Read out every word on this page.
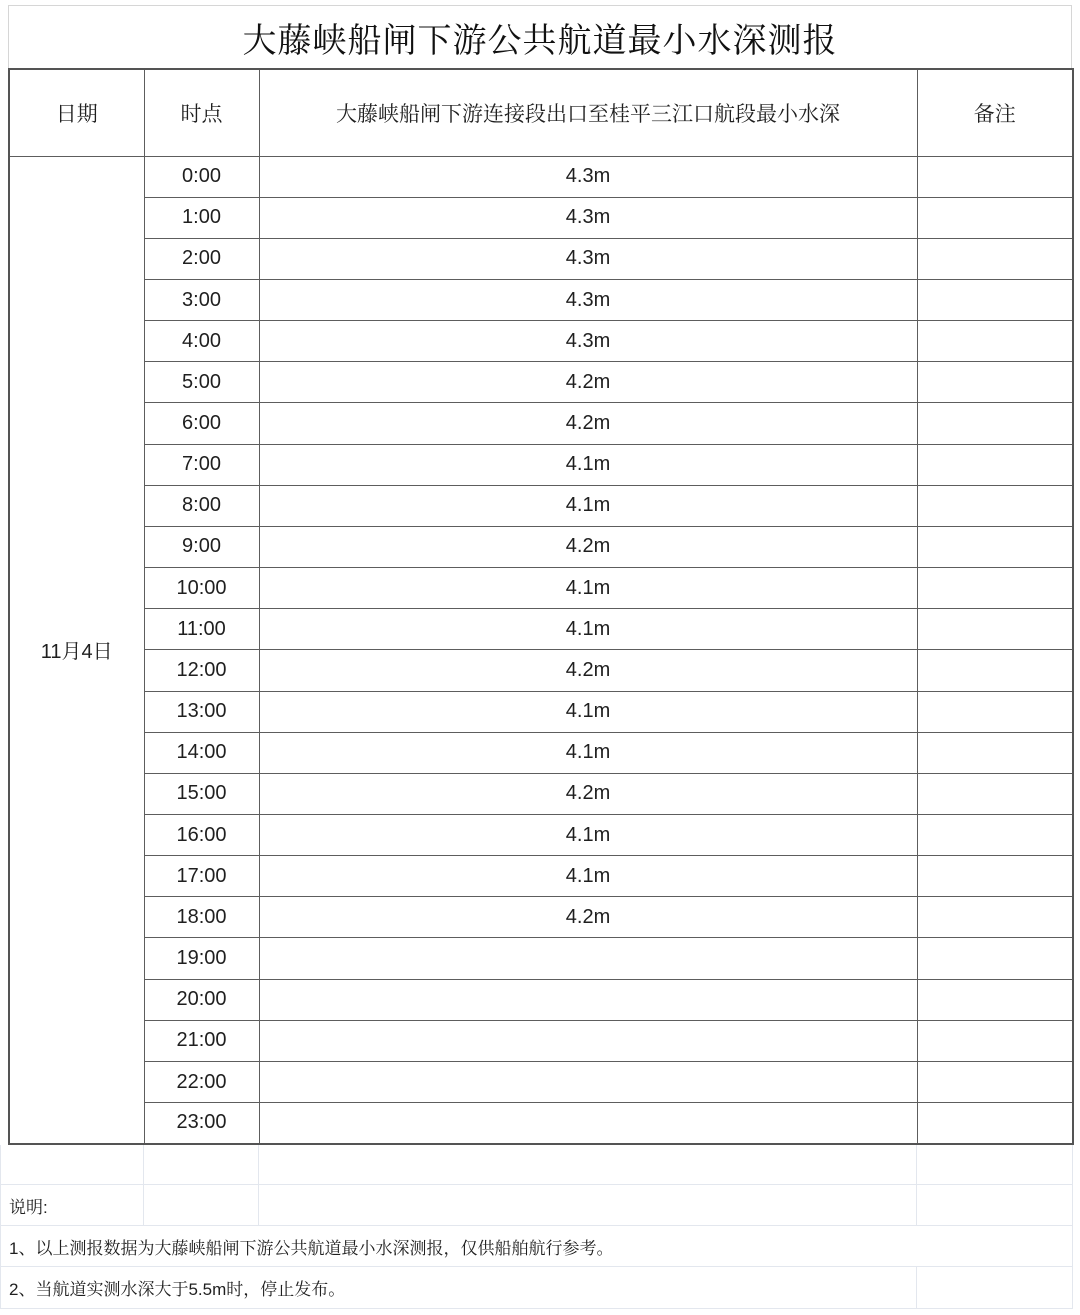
大藤峡船闸下游公共航道最小水深测报
日期	时点	大藤峡船闸下游连接段出口至桂平三江口航段最小水深	备注
11月4日	0:00	4.3m	
	1:00	4.3m	
	2:00	4.3m	
	3:00	4.3m	
	4:00	4.3m	
	5:00	4.2m	
	6:00	4.2m	
	7:00	4.1m	
	8:00	4.1m	
	9:00	4.2m	
	10:00	4.1m	
	11:00	4.1m	
	12:00	4.2m	
	13:00	4.1m	
	14:00	4.1m	
	15:00	4.2m	
	16:00	4.1m	
	17:00	4.1m	
	18:00	4.2m	
	19:00		
	20:00		
	21:00		
	22:00		
	23:00		

说明:			
1、以上测报数据为大藤峡船闸下游公共航道最小水深测报，仅供船舶航行参考。			
2、当航道实测水深大于5.5m时，停止发布。			
